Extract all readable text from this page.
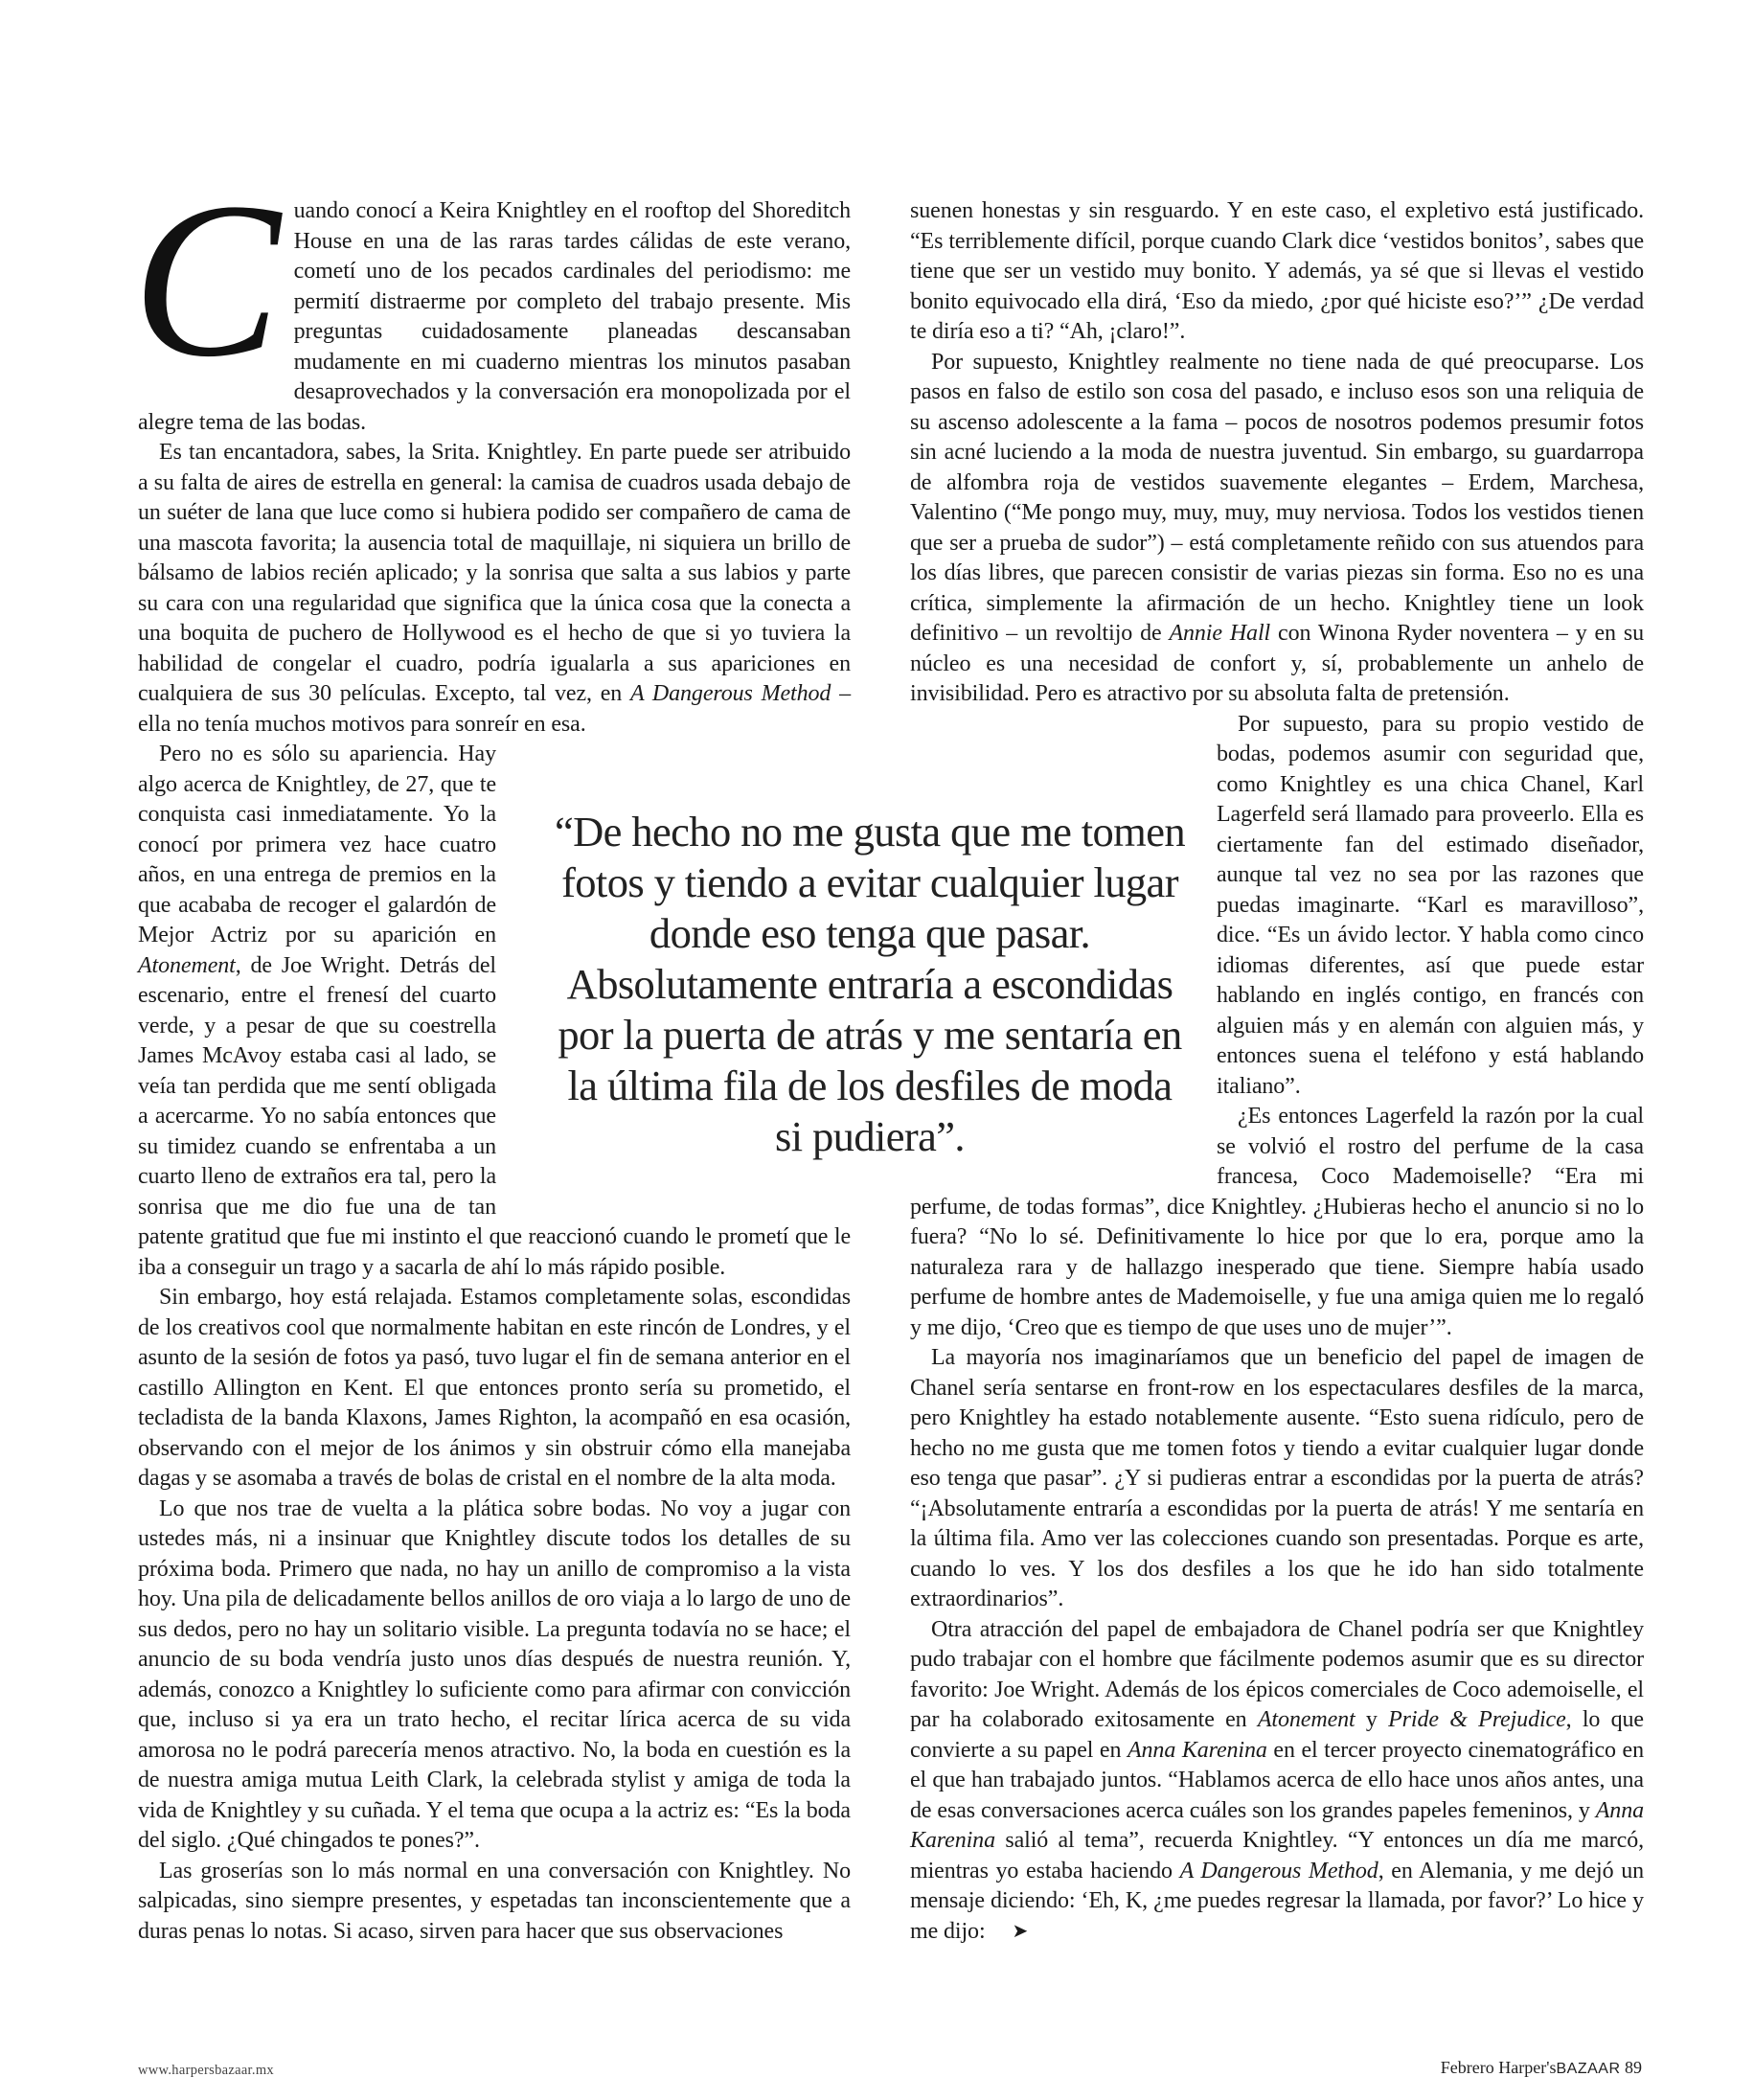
Cuando conocí a Keira Knightley en el rooftop del Shoreditch House en una de las raras tardes cálidas de este verano, cometí uno de los pecados cardinales del periodismo: me permití distraerme por completo del trabajo presente. Mis preguntas cuidadosamente planeadas descansaban mudamente en mi cuaderno mientras los minutos pasaban desaprovechados y la conversación era monopolizada por el alegre tema de las bodas.

Es tan encantadora, sabes, la Srita. Knightley. En parte puede ser atribuido a su falta de aires de estrella en general: la camisa de cuadros usada debajo de un suéter de lana que luce como si hubiera podido ser compañero de cama de una mascota favorita; la ausencia total de maquillaje, ni siquiera un brillo de bálsamo de labios recién aplicado; y la sonrisa que salta a sus labios y parte su cara con una regularidad que significa que la única cosa que la conecta a una boquita de puchero de Hollywood es el hecho de que si yo tuviera la habilidad de congelar el cuadro, podría igualarla a sus apariciones en cualquiera de sus 30 películas. Excepto, tal vez, en A Dangerous Method – ella no tenía muchos motivos para sonreír en esa.

Pero no es sólo su apariencia. Hay algo acerca de Knightley, de 27, que te conquista casi inmediatamente. Yo la conocí por primera vez hace cuatro años, en una entrega de premios en la que acababa de recoger el galardón de Mejor Actriz por su aparición en Atonement, de Joe Wright. Detrás del escenario, entre el frenesí del cuarto verde, y a pesar de que su coestrella James McAvoy estaba casi al lado, se veía tan perdida que me sentí obligada a acercarme. Yo no sabía entonces que su timidez cuando se enfrentaba a un cuarto lleno de extraños era tal, pero la sonrisa que me dio fue una de tan patente gratitud que fue mi instinto el que reaccionó cuando le prometí que le iba a conseguir un trago y a sacarla de ahí lo más rápido posible.

Sin embargo, hoy está relajada. Estamos completamente solas, escondidas de los creativos cool que normalmente habitan en este rincón de Londres, y el asunto de la sesión de fotos ya pasó, tuvo lugar el fin de semana anterior en el castillo Allington en Kent. El que entonces pronto sería su prometido, el tecladista de la banda Klaxons, James Righton, la acompañó en esa ocasión, observando con el mejor de los ánimos y sin obstruir cómo ella manejaba dagas y se asomaba a través de bolas de cristal en el nombre de la alta moda.

Lo que nos trae de vuelta a la plática sobre bodas. No voy a jugar con ustedes más, ni a insinuar que Knightley discute todos los detalles de su próxima boda. Primero que nada, no hay un anillo de compromiso a la vista hoy. Una pila de delicadamente bellos anillos de oro viaja a lo largo de uno de sus dedos, pero no hay un solitario visible. La pregunta todavía no se hace; el anuncio de su boda vendría justo unos días después de nuestra reunión. Y, además, conozco a Knightley lo suficiente como para afirmar con convicción que, incluso si ya era un trato hecho, el recitar lírica acerca de su vida amorosa no le podrá parecería menos atractivo. No, la boda en cuestión es la de nuestra amiga mutua Leith Clark, la celebrada stylist y amiga de toda la vida de Knightley y su cuñada. Y el tema que ocupa a la actriz es: “Es la boda del siglo. ¿Qué chingados te pones?”.

Las groserías son lo más normal en una conversación con Knightley. No salpicadas, sino siempre presentes, y espetadas tan inconscientemente que a duras penas lo notas. Si acaso, sirven para hacer que sus observaciones

suenen honestas y sin resguardo. Y en este caso, el expletivo está justificado. “Es terriblemente difícil, porque cuando Clark dice ‘vestidos bonitos’, sabes que tiene que ser un vestido muy bonito. Y además, ya sé que si llevas el vestido bonito equivocado ella dirá, ‘Eso da miedo, ¿por qué hiciste eso?’” ¿De verdad te diría eso a ti? “Ah, ¡claro!”.

Por supuesto, Knightley realmente no tiene nada de qué preocuparse. Los pasos en falso de estilo son cosa del pasado, e incluso esos son una reliquia de su ascenso adolescente a la fama – pocos de nosotros podemos presumir fotos sin acné luciendo a la moda de nuestra juventud. Sin embargo, su guardarropa de alfombra roja de vestidos suavemente elegantes – Erdem, Marchesa, Valentino (“Me pongo muy, muy, muy, muy nerviosa. Todos los vestidos tienen que ser a prueba de sudor”) – está completamente reñido con sus atuendos para los días libres, que parecen consistir de varias piezas sin forma. Eso no es una crítica, simplemente la afirmación de un hecho. Knightley tiene un look definitivo – un revoltijo de Annie Hall con Winona Ryder noventera – y en su núcleo es una necesidad de confort y, sí, probablemente un anhelo de invisibilidad. Pero es atractivo por su absoluta falta de pretensión.

Por supuesto, para su propio vestido de bodas, podemos asumir con seguridad que, como Knightley es una chica Chanel, Karl Lagerfeld será llamado para proveerlo. Ella es ciertamente fan del estimado diseñador, aunque tal vez no sea por las razones que puedas imaginarte. “Karl es maravilloso”, dice. “Es un ávido lector. Y habla como cinco idiomas diferentes, así que puede estar hablando en inglés contigo, en francés con alguien más y en alemán con alguien más, y entonces suena el teléfono y está hablando italiano”.

¿Es entonces Lagerfeld la razón por la cual se volvió el rostro del perfume de la casa francesa, Coco Mademoiselle? “Era mi perfume, de todas formas”, dice Knightley. ¿Hubieras hecho el anuncio si no lo fuera? “No lo sé. Definitivamente lo hice por que lo era, porque amo la naturaleza rara y de hallazgo inesperado que tiene. Siempre había usado perfume de hombre antes de Mademoiselle, y fue una amiga quien me lo regaló y me dijo, ‘Creo que es tiempo de que uses uno de mujer’”.

La mayoría nos imaginaríamos que un beneficio del papel de imagen de Chanel sería sentarse en front-row en los espectaculares desfiles de la marca, pero Knightley ha estado notablemente ausente. “Esto suena ridículo, pero de hecho no me gusta que me tomen fotos y tiendo a evitar cualquier lugar donde eso tenga que pasar”. ¿Y si pudieras entrar a escondidas por la puerta de atrás? “¡Absolutamente entraría a escondidas por la puerta de atrás! Y me sentaría en la última fila. Amo ver las colecciones cuando son presentadas. Porque es arte, cuando lo ves. Y los dos desfiles a los que he ido han sido totalmente extraordinarios”.

Otra atracción del papel de embajadora de Chanel podría ser que Knightley pudo trabajar con el hombre que fácilmente podemos asumir que es su director favorito: Joe Wright. Además de los épicos comerciales de Coco ademoiselle, el par ha colaborado exitosamente en Atonement y Pride & Prejudice, lo que convierte a su papel en Anna Karenina en el tercer proyecto cinematográfico en el que han trabajado juntos. “Hablamos acerca de ello hace unos años antes, una de esas conversaciones acerca cuáles son los grandes papeles femeninos, y Anna Karenina salió al tema”, recuerda Knightley. “Y entonces un día me marcó, mientras yo estaba haciendo A Dangerous Method, en Alemania, y me dejó un mensaje diciendo: ‘Eh, K, ¿me puedes regresar la llamada, por favor?’ Lo hice y me dijo: ➤

“De hecho no me gusta que me tomen fotos y tiendo a evitar cualquier lugar donde eso tenga que pasar. Absolutamente entraría a escondidas por la puerta de atrás y me sentaría en la última fila de los desfiles de moda si pudiera”.
www.harpersbazaar.mx	Febrero Harper'sBAZAAR 89
